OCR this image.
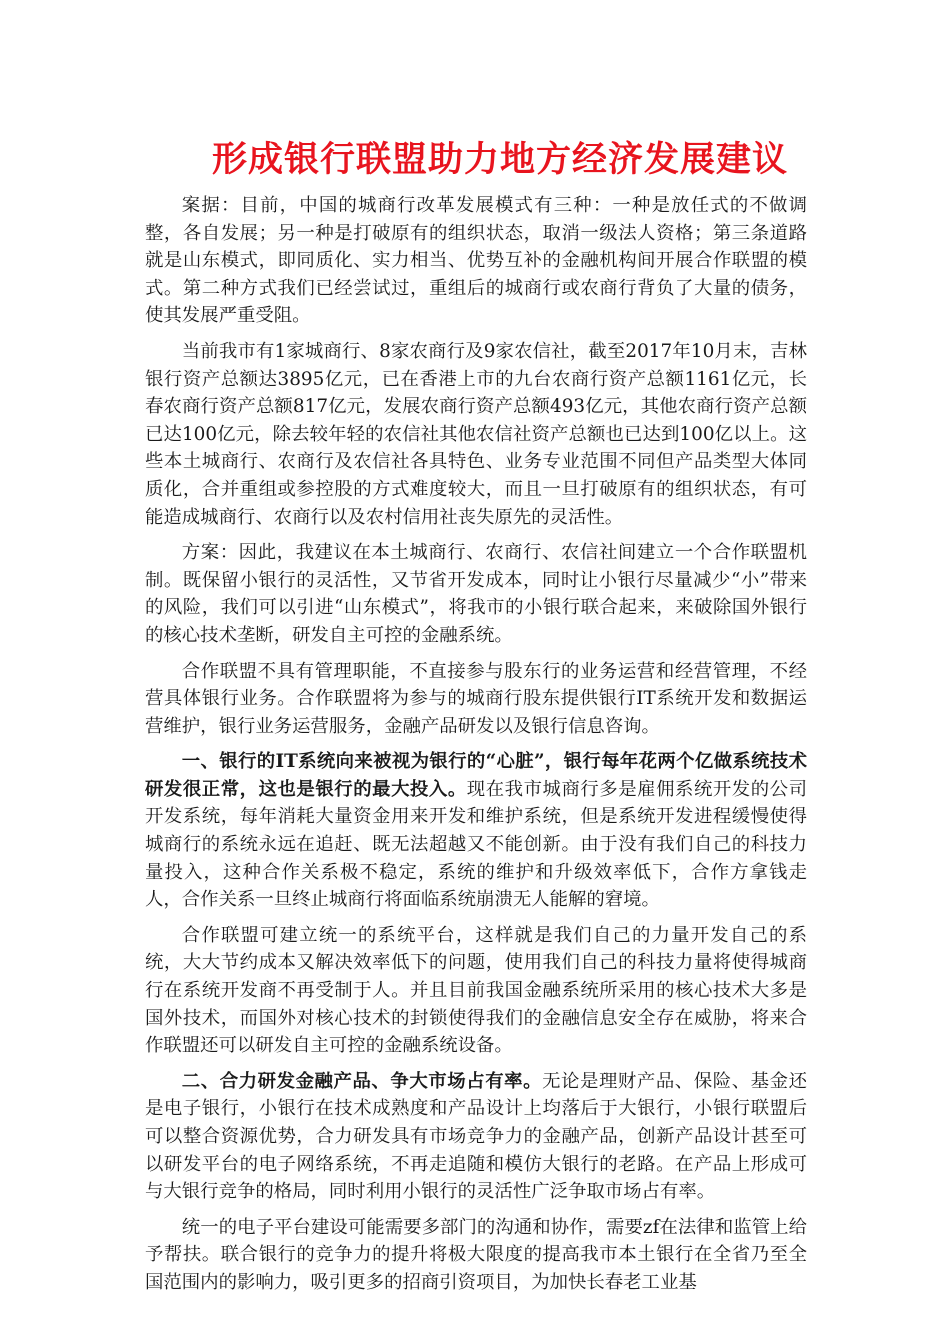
形成银行联盟助力地方经济发展建议

案据：目前，中国的城商行改革发展模式有三种：一种是放任式的不做调整，各自发展；另一种是打破原有的组织状态，取消一级法人资格；第三条道路就是山东模式，即同质化、实力相当、优势互补的金融机构间开展合作联盟的模式。第二种方式我们已经尝试过，重组后的城商行或农商行背负了大量的债务，使其发展严重受阻。

当前我市有1家城商行、8家农商行及9家农信社，截至2017年10月末，吉林银行资产总额达3895亿元，已在香港上市的九台农商行资产总额1161亿元，长春农商行资产总额817亿元，发展农商行资产总额493亿元，其他农商行资产总额已达100亿元，除去较年轻的农信社其他农信社资产总额也已达到100亿以上。这些本土城商行、农商行及农信社各具特色、业务专业范围不同但产品类型大体同质化，合并重组或参控股的方式难度较大，而且一旦打破原有的组织状态，有可能造成城商行、农商行以及农村信用社丧失原先的灵活性。

方案：因此，我建议在本土城商行、农商行、农信社间建立一个合作联盟机制。既保留小银行的灵活性，又节省开发成本，同时让小银行尽量减少“小”带来的风险，我们可以引进“山东模式”，将我市的小银行联合起来，来破除国外银行的核心技术垄断，研发自主可控的金融系统。

合作联盟不具有管理职能，不直接参与股东行的业务运营和经营管理，不经营具体银行业务。合作联盟将为参与的城商行股东提供银行IT系统开发和数据运营维护，银行业务运营服务，金融产品研发以及银行信息咨询。

一、银行的IT系统向来被视为银行的“心脏”，银行每年花两个亿做系统技术研发很正常，这也是银行的最大投入。现在我市城商行多是雇佣系统开发的公司开发系统，每年消耗大量资金用来开发和维护系统，但是系统开发进程缓慢使得城商行的系统永远在追赶、既无法超越又不能创新。由于没有我们自己的科技力量投入，这种合作关系极不稳定，系统的维护和升级效率低下，合作方拿钱走人，合作关系一旦终止城商行将面临系统崩溃无人能解的窘境。

合作联盟可建立统一的系统平台，这样就是我们自己的力量开发自己的系统，大大节约成本又解决效率低下的问题，使用我们自己的科技力量将使得城商行在系统开发商不再受制于人。并且目前我国金融系统所采用的核心技术大多是国外技术，而国外对核心技术的封锁使得我们的金融信息安全存在威胁，将来合作联盟还可以研发自主可控的金融系统设备。

二、合力研发金融产品、争大市场占有率。无论是理财产品、保险、基金还是电子银行，小银行在技术成熟度和产品设计上均落后于大银行，小银行联盟后可以整合资源优势，合力研发具有市场竞争力的金融产品，创新产品设计甚至可以研发平台的电子网络系统，不再走追随和模仿大银行的老路。在产品上形成可与大银行竞争的格局，同时利用小银行的灵活性广泛争取市场占有率。

统一的电子平台建设可能需要多部门的沟通和协作，需要zf在法律和监管上给予帮扶。联合银行的竞争力的提升将极大限度的提高我市本土银行在全省乃至全国范围内的影响力，吸引更多的招商引资项目，为加快长春老工业基
